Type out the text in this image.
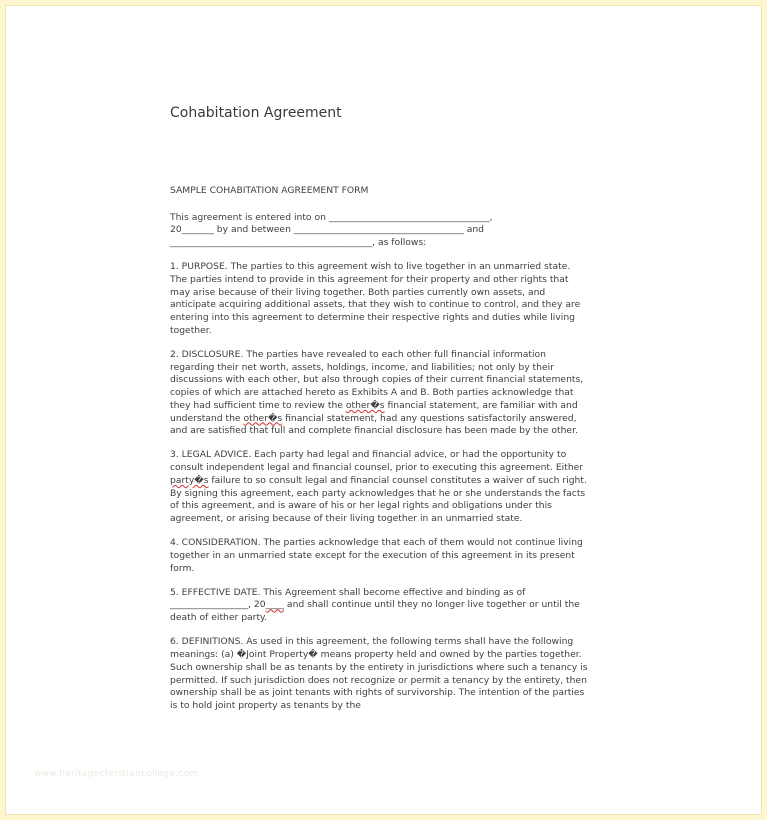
Cohabitation Agreement

SAMPLE COHABITATION AGREEMENT FORM

This agreement is entered into on ___________________________________,
20_______ by and between _____________________________________ and
____________________________________________, as follows:

1. PURPOSE. The parties to this agreement wish to live together in an unmarried state. The parties intend to provide in this agreement for their property and other rights that may arise because of their living together. Both parties currently own assets, and anticipate acquiring additional assets, that they wish to continue to control, and they are entering into this agreement to determine their respective rights and duties while living together.

2. DISCLOSURE. The parties have revealed to each other full financial information regarding their net worth, assets, holdings, income, and liabilities; not only by their discussions with each other, but also through copies of their current financial statements, copies of which are attached hereto as Exhibits A and B. Both parties acknowledge that they had sufficient time to review the other�s financial statement, are familiar with and understand the other�s financial statement, had any questions satisfactorily answered, and are satisfied that full and complete financial disclosure has been made by the other.

3. LEGAL ADVICE. Each party had legal and financial advice, or had the opportunity to consult independent legal and financial counsel, prior to executing this agreement. Either party�s failure to so consult legal and financial counsel constitutes a waiver of such right. By signing this agreement, each party acknowledges that he or she understands the facts of this agreement, and is aware of his or her legal rights and obligations under this agreement, or arising because of their living together in an unmarried state.

4. CONSIDERATION. The parties acknowledge that each of them would not continue living together in an unmarried state except for the execution of this agreement in its present form.

5. EFFECTIVE DATE. This Agreement shall become effective and binding as of _________________, 20____ and shall continue until they no longer live together or until the death of either party.

6. DEFINITIONS. As used in this agreement, the following terms shall have the following meanings: (a) �Joint Property� means property held and owned by the parties together. Such ownership shall be as tenants by the entirety in jurisdictions where such a tenancy is permitted. If such jurisdiction does not recognize or permit a tenancy by the entirety, then ownership shall be as joint tenants with rights of survivorship. The intention of the parties is to hold joint property as tenants by the

www.heritagechristiancollege.com
